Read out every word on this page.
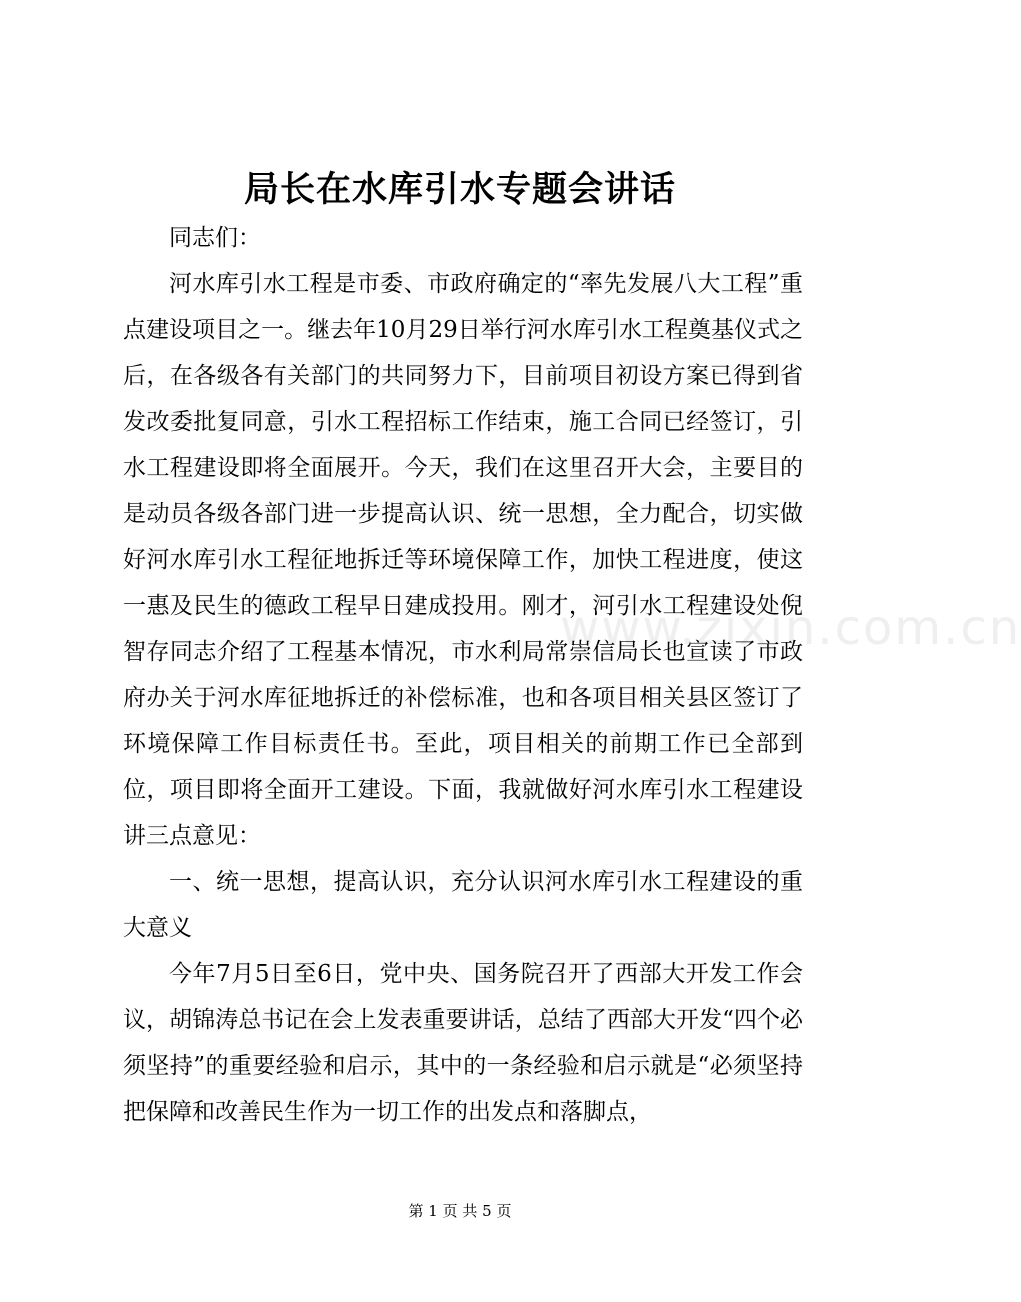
www.zixin.com.cn
局长在水库引水专题会讲话

同志们：

河水库引水工程是市委、市政府确定的“率先发展八大工程”重点建设项目之一。继去年10月29日举行河水库引水工程奠基仪式之后，在各级各有关部门的共同努力下，目前项目初设方案已得到省发改委批复同意，引水工程招标工作结束，施工合同已经签订，引水工程建设即将全面展开。今天，我们在这里召开大会，主要目的是动员各级各部门进一步提高认识、统一思想，全力配合，切实做好河水库引水工程征地拆迁等环境保障工作，加快工程进度，使这一惠及民生的德政工程早日建成投用。刚才，河引水工程建设处倪智存同志介绍了工程基本情况，市水利局常崇信局长也宣读了市政府办关于河水库征地拆迁的补偿标准，也和各项目相关县区签订了环境保障工作目标责任书。至此，项目相关的前期工作已全部到位，项目即将全面开工建设。下面，我就做好河水库引水工程建设讲三点意见：

一、统一思想，提高认识，充分认识河水库引水工程建设的重大意义

今年7月5日至6日，党中央、国务院召开了西部大开发工作会议，胡锦涛总书记在会上发表重要讲话，总结了西部大开发“四个必须坚持”的重要经验和启示，其中的一条经验和启示就是“必须坚持把保障和改善民生作为一切工作的出发点和落脚点，

第 1 页 共 5 页
